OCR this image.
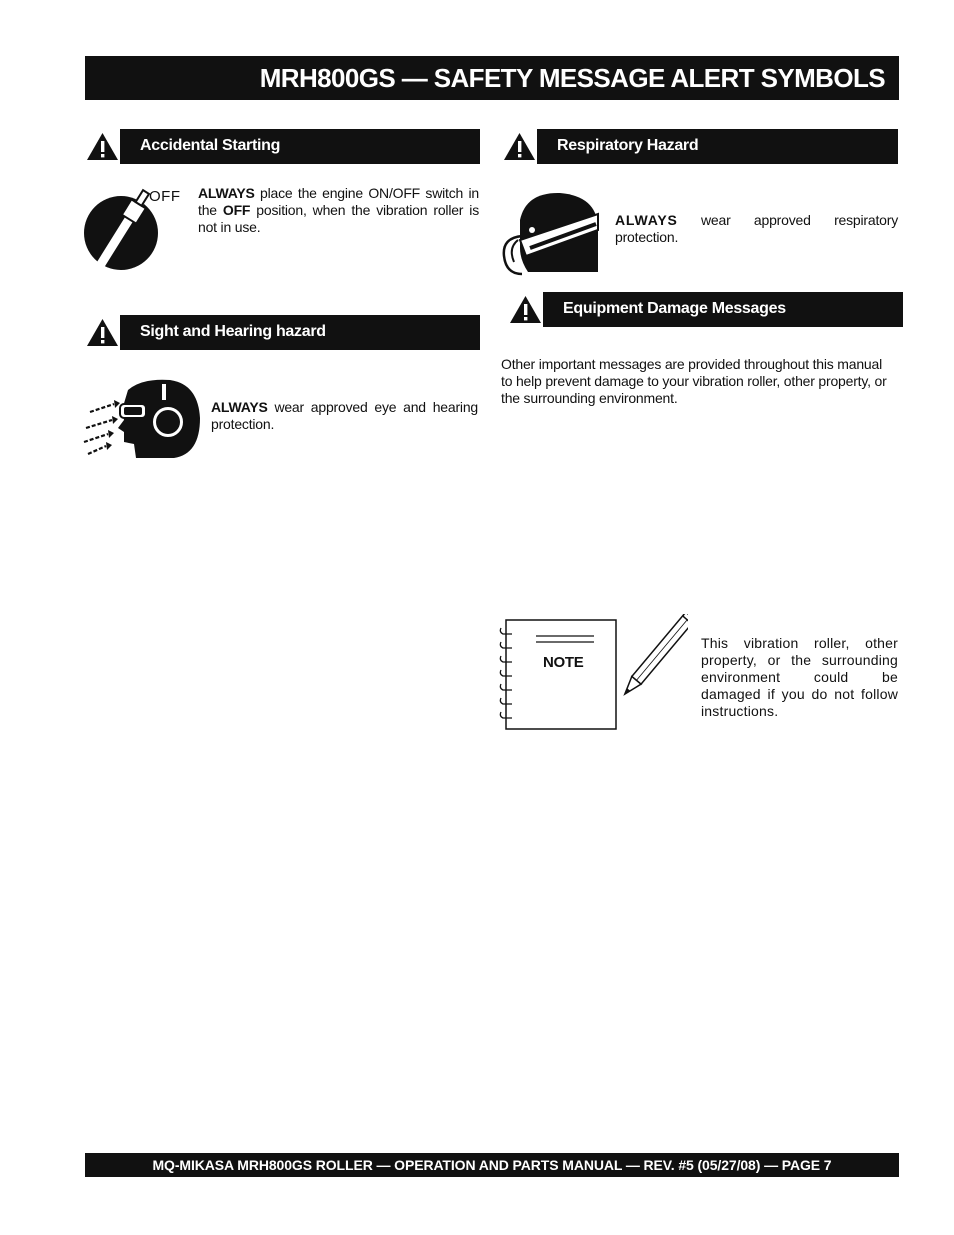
MRH800GS — SAFETY MESSAGE ALERT SYMBOLS
Accidental Starting
OFF ALWAYS place the engine ON/OFF switch in the OFF position, when the vibration roller is not in use.
Sight and Hearing hazard
ALWAYS wear approved eye and hearing protection.
Respiratory Hazard
ALWAYS wear approved respiratory protection.
Equipment Damage Messages
Other important messages are provided throughout this manual to help prevent damage to your vibration roller, other property, or the surrounding environment.
NOTE
This vibration roller, other property, or the surrounding environment could be damaged if you do not follow instructions.
MQ-MIKASA MRH800GS ROLLER — OPERATION AND PARTS MANUAL — REV. #5 (05/27/08) — PAGE 7
